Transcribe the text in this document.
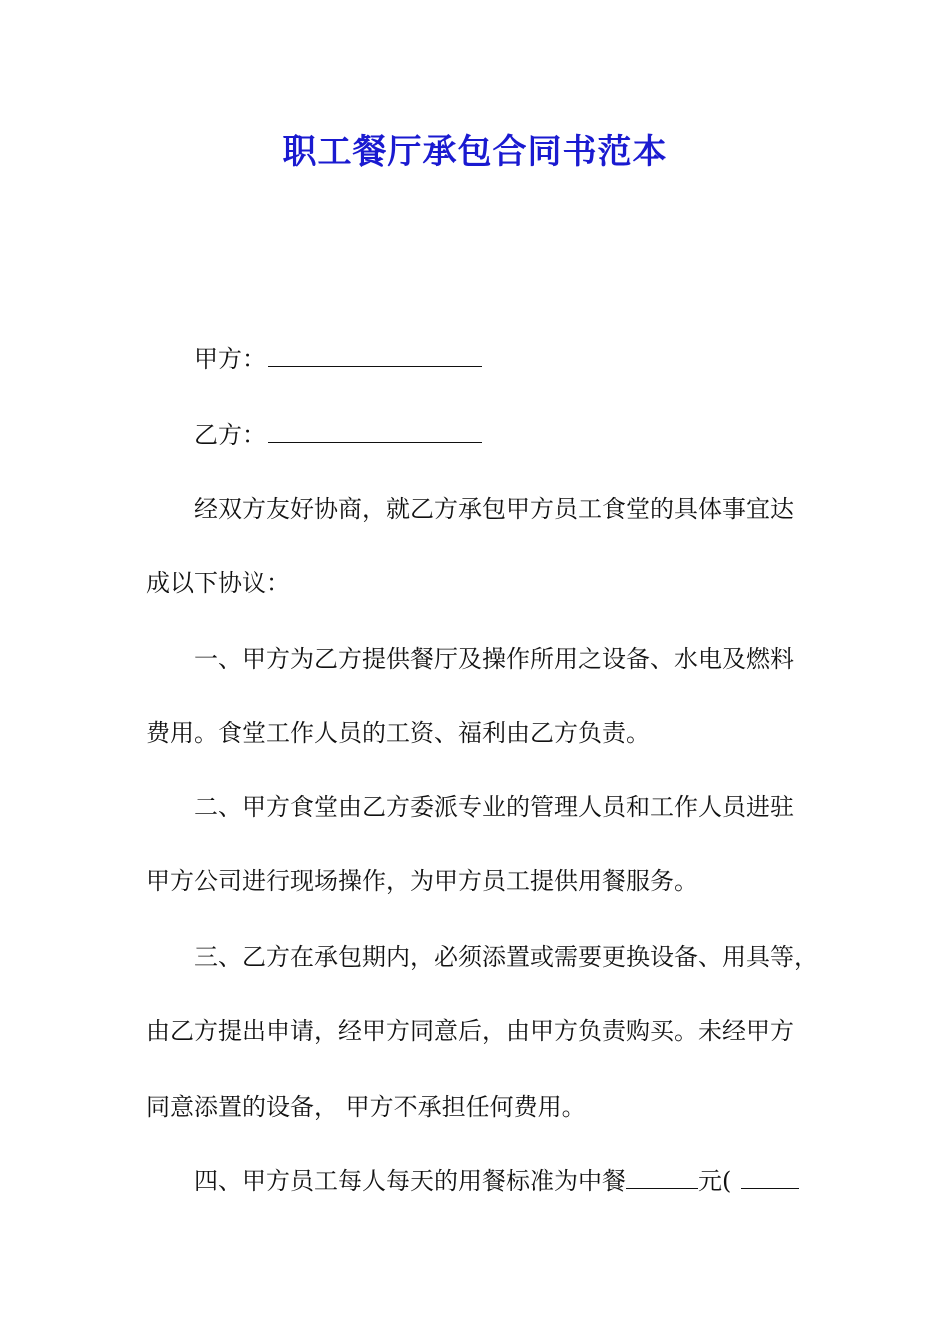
职工餐厅承包合同书范本

甲方：

乙方：

经双方友好协商，就乙方承包甲方员工食堂的具体事宜达

成以下协议：

一、甲方为乙方提供餐厅及操作所用之设备、水电及燃料

费用。食堂工作人员的工资、福利由乙方负责。

二、甲方食堂由乙方委派专业的管理人员和工作人员进驻

甲方公司进行现场操作，为甲方员工提供用餐服务。

三、乙方在承包期内，必须添置或需要更换设备、用具等，

由乙方提出申请，经甲方同意后，由甲方负责购买。未经甲方

同意添置的设备， 甲方不承担任何费用。

四、甲方员工每人每天的用餐标准为中餐	元(
